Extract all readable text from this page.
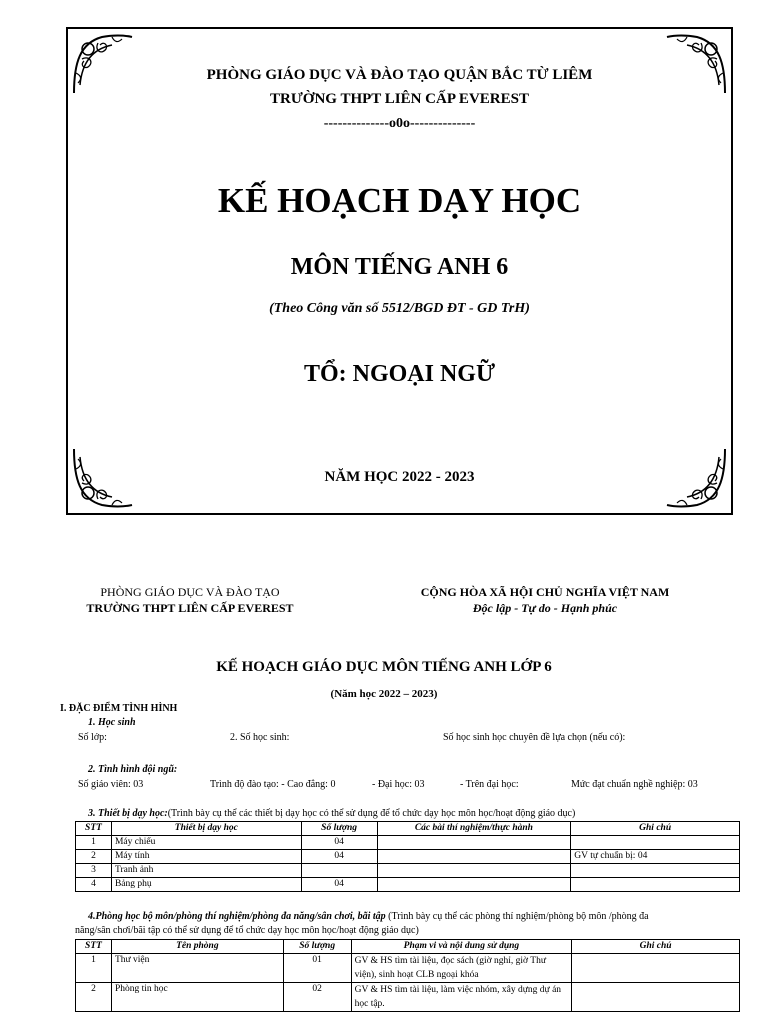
PHÒNG GIÁO DỤC VÀ ĐÀO TẠO QUẬN BẮC TỪ LIÊM
TRƯỜNG THPT LIÊN CẤP EVEREST
--------------o0o--------------
KẾ HOẠCH DẠY HỌC
MÔN TIẾNG ANH 6
(Theo Công văn số 5512/BGD ĐT - GD TrH)
TỔ: NGOẠI NGỮ
NĂM HỌC 2022 - 2023
PHÒNG GIÁO DỤC VÀ ĐÀO TẠO
TRƯỜNG THPT LIÊN CẤP EVEREST
CỘNG HÒA XÃ HỘI CHỦ NGHĨA VIỆT NAM
Độc lập - Tự do - Hạnh phúc
KẾ HOẠCH GIÁO DỤC MÔN TIẾNG ANH LỚP 6
(Năm học 2022 – 2023)
I. ĐẶC ĐIỂM TÌNH HÌNH
1. Học sinh
Số lớp:	2. Số học sinh:	Số học sinh học chuyên đề lựa chọn (nếu có):
2. Tình hình đội ngũ:
Số giáo viên: 03	Trình độ đào tạo: - Cao đẳng: 0	- Đại học: 03	- Trên đại học:	Mức đạt chuẩn nghề nghiệp: 03
3. Thiết bị dạy học:(Trình bày cụ thể các thiết bị dạy học có thể sử dụng để tổ chức dạy học môn học/hoạt động giáo dục)
STT	Thiết bị dạy học	Số lượng	Các bài thí nghiệm/thực hành	Ghi chú
1	Máy chiếu	04		
2	Máy tính	04		GV tự chuẩn bị: 04
3	Tranh ảnh			
4	Bảng phụ	04		
4.Phòng học bộ môn/phòng thí nghiệm/phòng đa năng/sân chơi, bãi tập (Trình bày cụ thể các phòng thí nghiệm/phòng bộ môn /phòng đa
năng/sân chơi/bãi tập có thể sử dụng để tổ chức dạy học môn học/hoạt động giáo dục)
STT	Tên phòng	Số lượng	Phạm vi và nội dung sử dụng	Ghi chú
1	Thư viện	01	GV & HS tìm tài liệu, đọc sách (giờ nghỉ, giờ Thư viện), sinh hoạt CLB ngoại khóa	
2	Phòng tin học	02	GV & HS tìm tài liệu, làm việc nhóm, xây dựng dự án học tập.	
